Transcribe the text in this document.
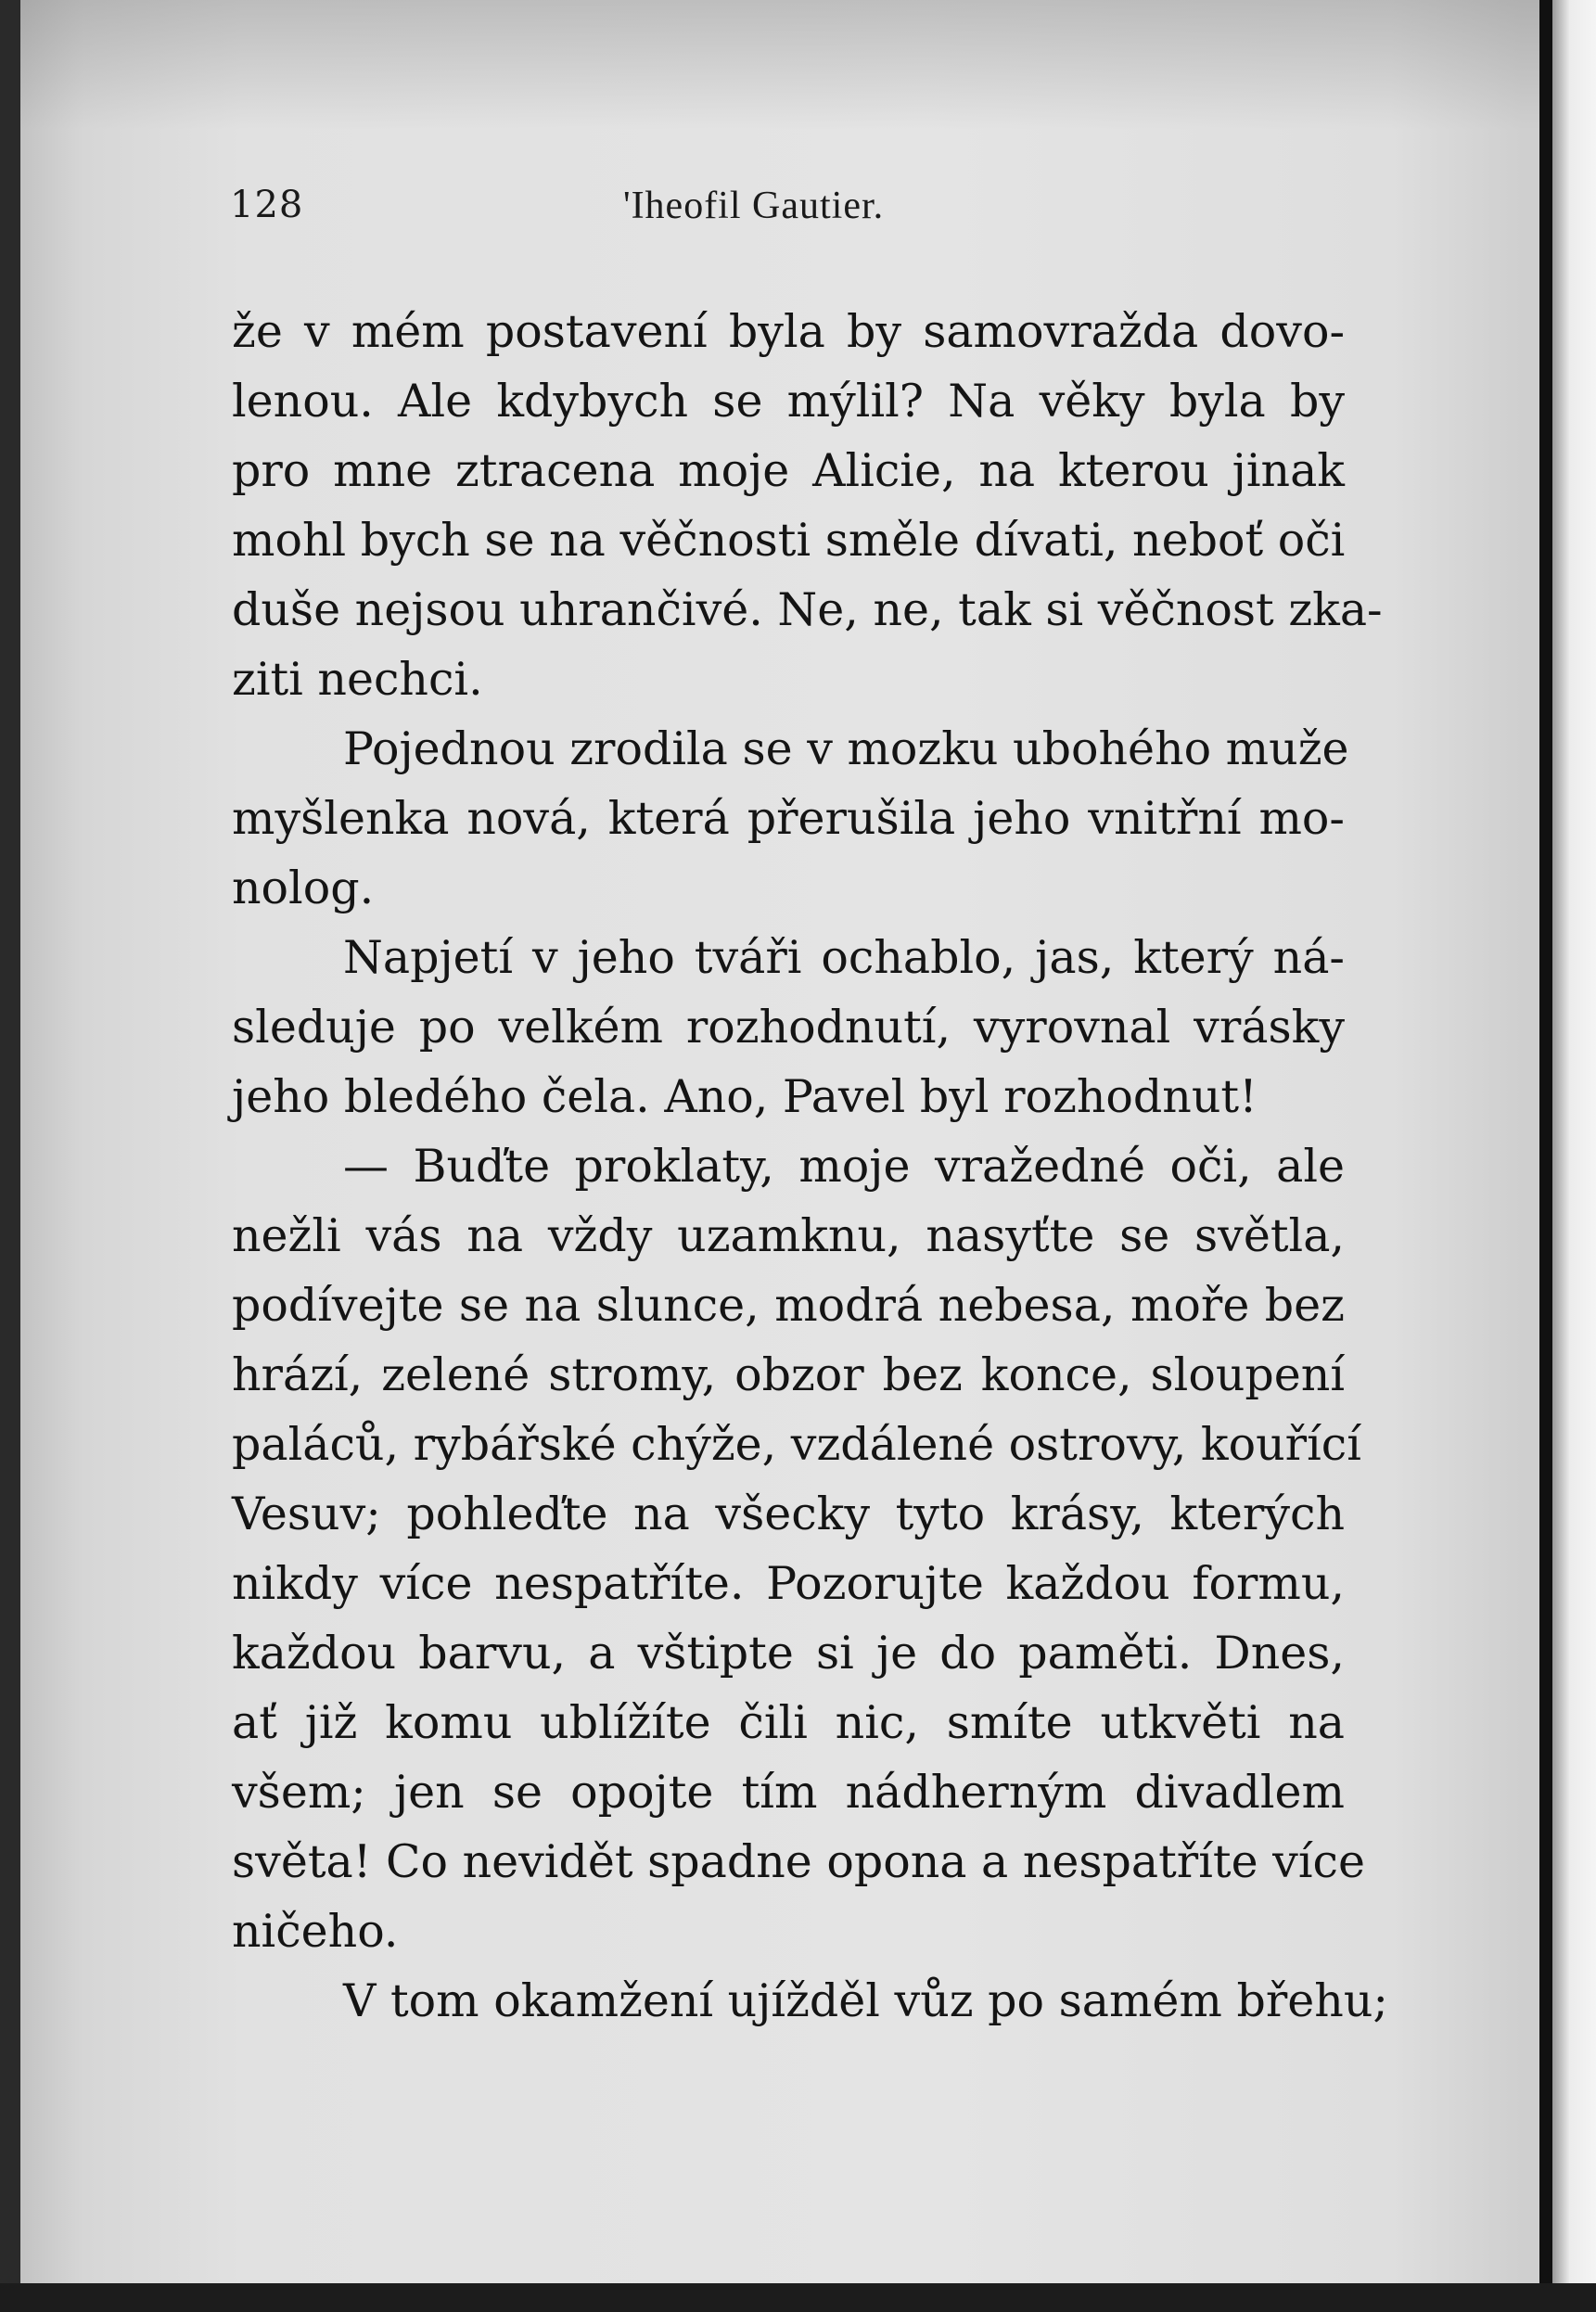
128	'Iheofil Gautier.
že v mém postavení byla by samovražda dovo-
lenou. Ale kdybych se mýlil? Na věky byla by
pro mne ztracena moje Alicie, na kterou jinak
mohl bych se na věčnosti směle dívati, neboť oči
duše nejsou uhrančivé. Ne, ne, tak si věčnost zka-
ziti nechci.
Pojednou zrodila se v mozku ubohého muže
myšlenka nová, která přerušila jeho vnitřní mo-
nolog.
Napjetí v jeho tváři ochablo, jas, který ná-
sleduje po velkém rozhodnutí, vyrovnal vrásky
jeho bledého čela. Ano, Pavel byl rozhodnut!
— Buďte proklaty, moje vražedné oči, ale
nežli vás na vždy uzamknu, nasyťte se světla,
podívejte se na slunce, modrá nebesa, moře bez
hrází, zelené stromy, obzor bez konce, sloupení
paláců, rybářské chýže, vzdálené ostrovy, kouřící
Vesuv; pohleďte na všecky tyto krásy, kterých
nikdy více nespatříte. Pozorujte každou formu,
každou barvu, a vštipte si je do paměti. Dnes,
ať již komu ublížíte čili nic, smíte utkvěti na
všem; jen se opojte tím nádherným divadlem
světa! Co nevidět spadne opona a nespatříte více
ničeho.
V tom okamžení ujížděl vůz po samém břehu;
